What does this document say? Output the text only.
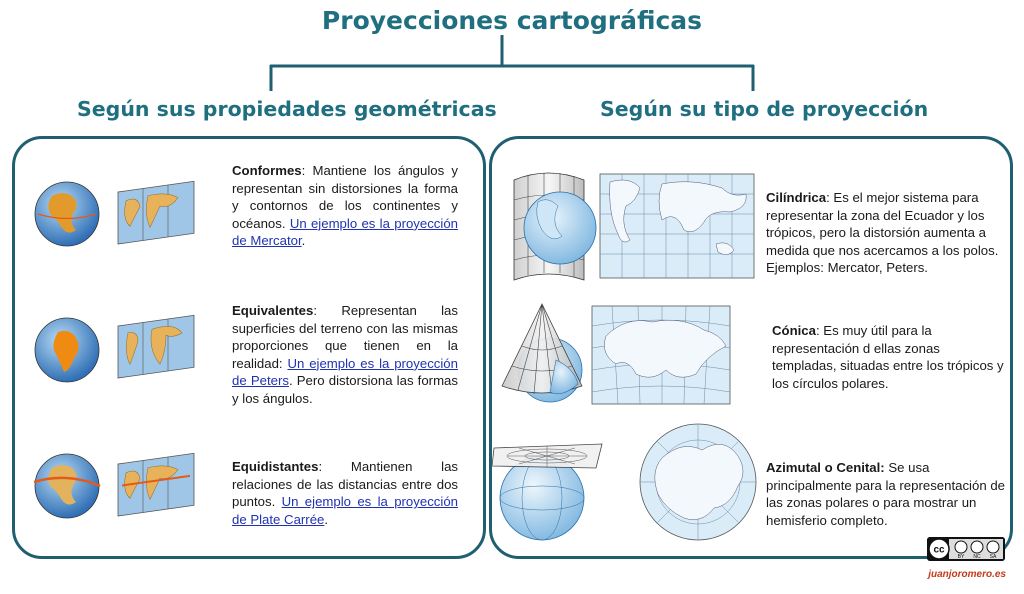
Proyecciones cartográficas
Según sus propiedades geométricas	Según su tipo de proyección
Conformes: Mantiene los ángulos y representan sin distorsiones la forma y contornos de los continentes y océanos. Un ejemplo es la proyección de Mercator.
Equivalentes: Representan las superficies del terreno con las mismas proporciones que tienen en la realidad: Un ejemplo es la proyección de Peters. Pero distorsiona las formas y los ángulos.
Equidistantes: Mantienen las relaciones de las distancias entre dos puntos. Un ejemplo es la proyección de Plate Carrée.
Cilíndrica: Es el mejor sistema para representar la zona del Ecuador y los trópicos, pero la distorsión aumenta a medida que nos acercamos a los polos. Ejemplos: Mercator, Peters.
Cónica: Es muy útil para la representación d ellas zonas templadas, situadas entre los trópicos y los círculos polares.
Azimutal o Cenital: Se usa principalmente para la representación de las zonas polares o para mostrar un hemisferio completo.
cc
BY NC SA
juanjoromero.es
